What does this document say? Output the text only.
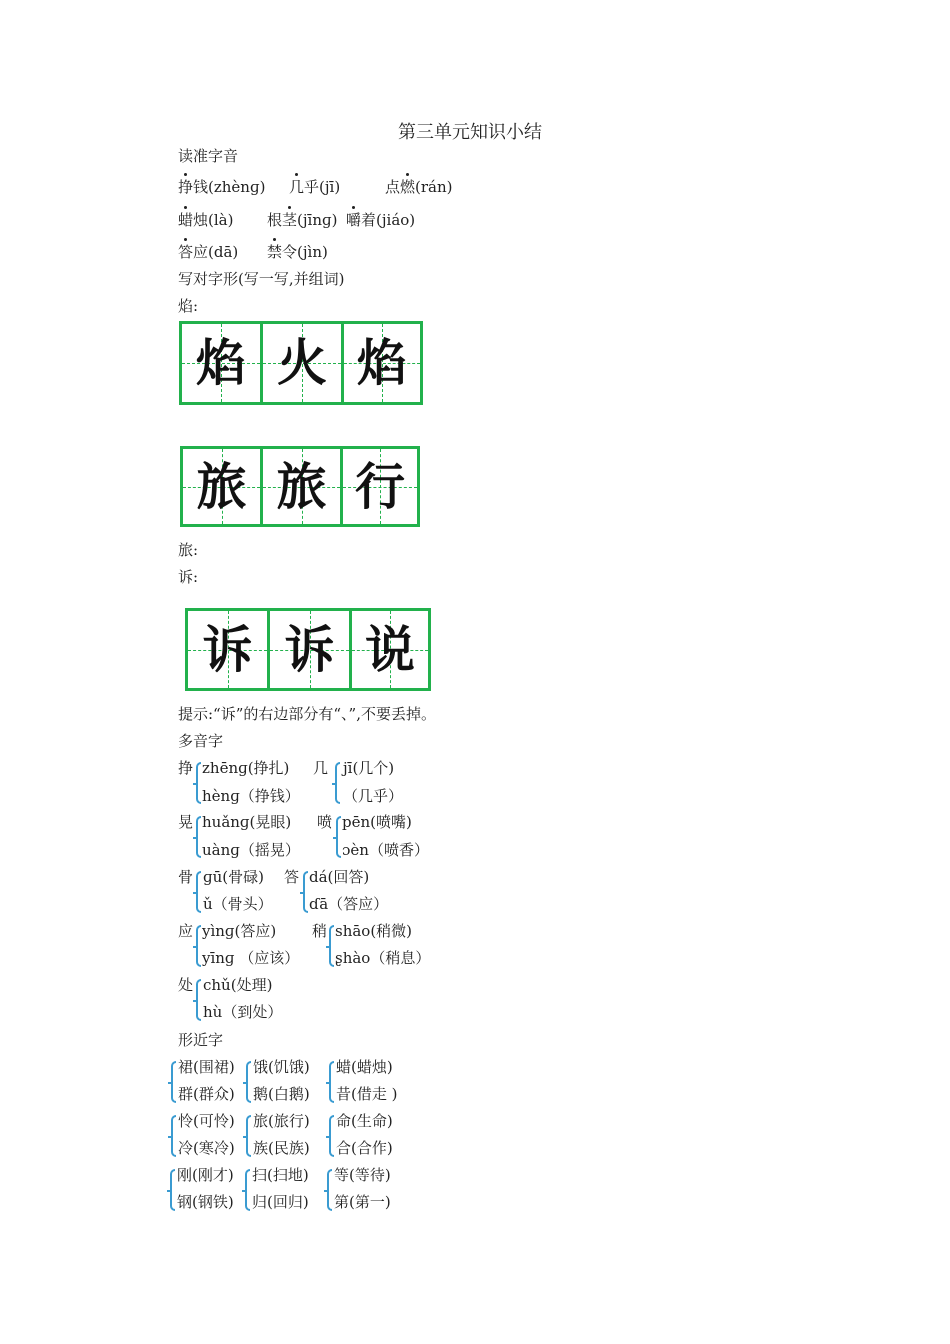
第三单元知识小结
读准字音
挣钱(zhènɡ) 几乎(jī)	点燃(rán)
蜡烛(là) 根茎(jīnɡ) 嚼着(jiáo)
答应(dā) 禁令(jìn)
写对字形(写一写,并组词)
焰:
焰 火 焰
旅 旅 行
旅:
诉:
诉 诉 说
提示:“诉”的右边部分有“、”,不要丢掉。
多音字
挣 zhēnɡ(挣扎)
hènɡ（挣钱）
几 jī(几个)
（几乎）
晃 huǎnɡ(晃眼)
uànɡ（摇晃）
喷 pēn(喷嘴)
ɔèn（喷香）
骨 ɡū(骨碌)
ǔ（骨头）
答 dá(回答)
ɗā（答应）
应 yìnɡ(答应)
yīnɡ （应该）
稍 shāo(稍微)
ʂhào（稍息）
处 chǔ(处理)
hù（到处）
形近字
裙(围裙)
群(群众)
饿(饥饿)
鹅(白鹅)
蜡(蜡烛)
昔(借走 )
怜(可怜)
冷(寒冷)
旅(旅行)
族(民族)
命(生命)
合(合作)
刚(刚才)
钢(钢铁)
扫(扫地)
归(回归)
等(等待)
第(第一)
